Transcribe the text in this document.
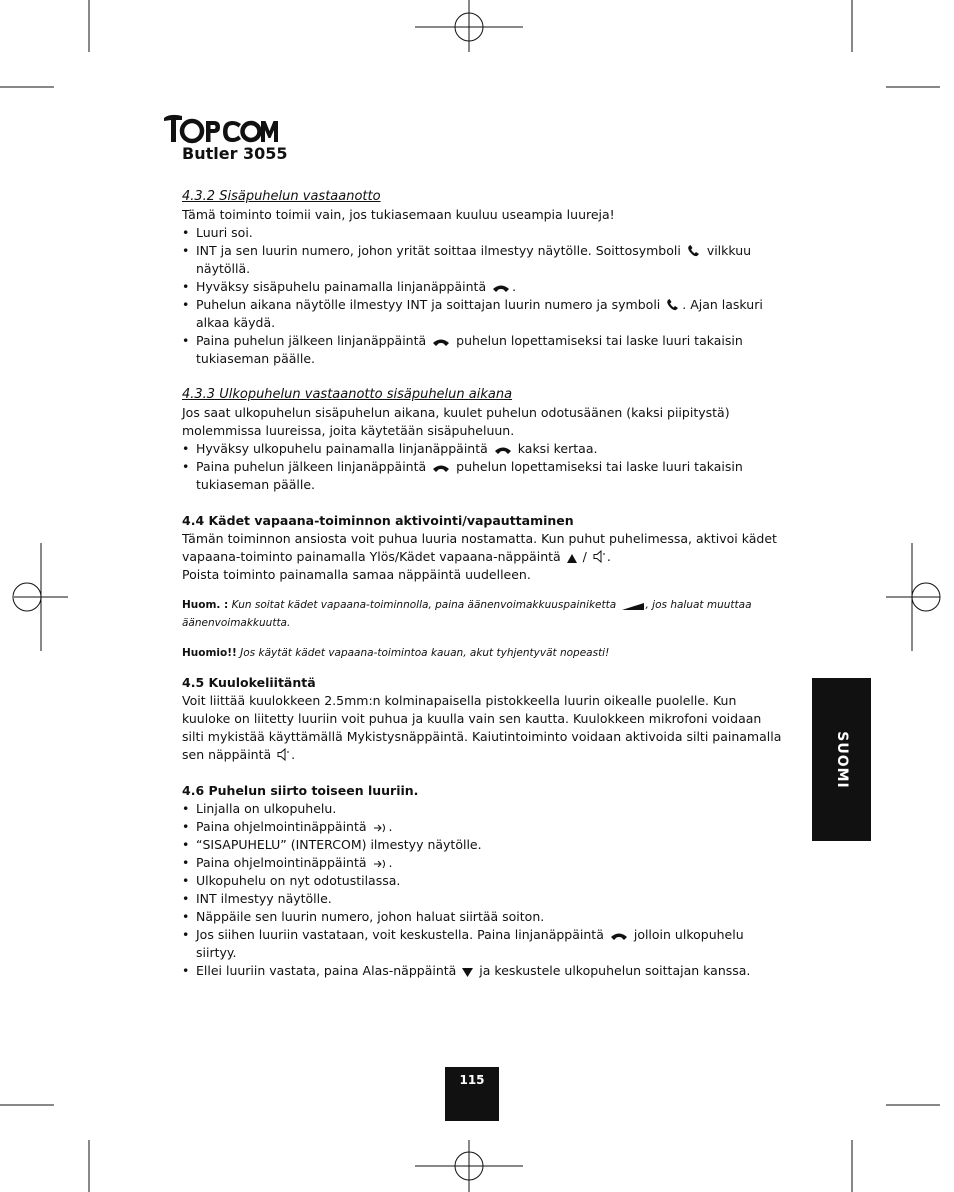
Butler 3055

4.3.2 Sisäpuhelun vastaanotto

Tämä toiminto toimii vain, jos tukiasemaan kuuluu useampia luureja!

• Luuri soi.
• INT ja sen luurin numero, johon yrität soittaa ilmestyy näytölle. Soittosymboli vilkkuu näytöllä.
• Hyväksy sisäpuhelu painamalla linjanäppäintä .
• Puhelun aikana näytölle ilmestyy INT ja soittajan luurin numero ja symboli . Ajan laskuri alkaa käydä.
• Paina puhelun jälkeen linjanäppäintä puhelun lopettamiseksi tai laske luuri takaisin tukiaseman päälle.

4.3.3 Ulkopuhelun vastaanotto sisäpuhelun aikana

Jos saat ulkopuhelun sisäpuhelun aikana, kuulet puhelun odotusäänen (kaksi piipitystä) molemmissa luureissa, joita käytetään sisäpuheluun.

• Hyväksy ulkopuhelu painamalla linjanäppäintä kaksi kertaa.
• Paina puhelun jälkeen linjanäppäintä puhelun lopettamiseksi tai laske luuri takaisin tukiaseman päälle.

4.4 Kädet vapaana-toiminnon aktivointi/vapauttaminen

Tämän toiminnon ansiosta voit puhua luuria nostamatta. Kun puhut puhelimessa, aktivoi kädet vapaana-toiminto painamalla Ylös/Kädet vapaana-näppäintä / .

Poista toiminto painamalla samaa näppäintä uudelleen.

Huom. : Kun soitat kädet vapaana-toiminnolla, paina äänenvoimakkuuspainiketta	, jos haluat muuttaa äänenvoimakkuutta.

Huomio!! Jos käytät kädet vapaana-toimintoa kauan, akut tyhjentyvät nopeasti!

4.5 Kuulokeliitäntä

Voit liittää kuulokkeen 2.5mm:n kolminapaisella pistokkeella luurin oikealle puolelle. Kun kuuloke on liitetty luuriin voit puhua ja kuulla vain sen kautta. Kuulokkeen mikrofoni voidaan silti mykistää käyttämällä Mykistysnäppäintä. Kaiutintoiminto voidaan aktivoida silti painamalla sen näppäintä .

4.6 Puhelun siirto toiseen luuriin.

• Linjalla on ulkopuhelu.
• Paina ohjelmointinäppäintä .
• “SISAPUHELU” (INTERCOM) ilmestyy näytölle.
• Paina ohjelmointinäppäintä .
• Ulkopuhelu on nyt odotustilassa.
• INT ilmestyy näytölle.
• Näppäile sen luurin numero, johon haluat siirtää soiton.
• Jos siihen luuriin vastataan, voit keskustella. Paina linjanäppäintä jolloin ulkopuhelu siirtyy.
• Ellei luuriin vastata, paina Alas-näppäintä ja keskustele ulkopuhelun soittajan kanssa.
SUOMI
115
